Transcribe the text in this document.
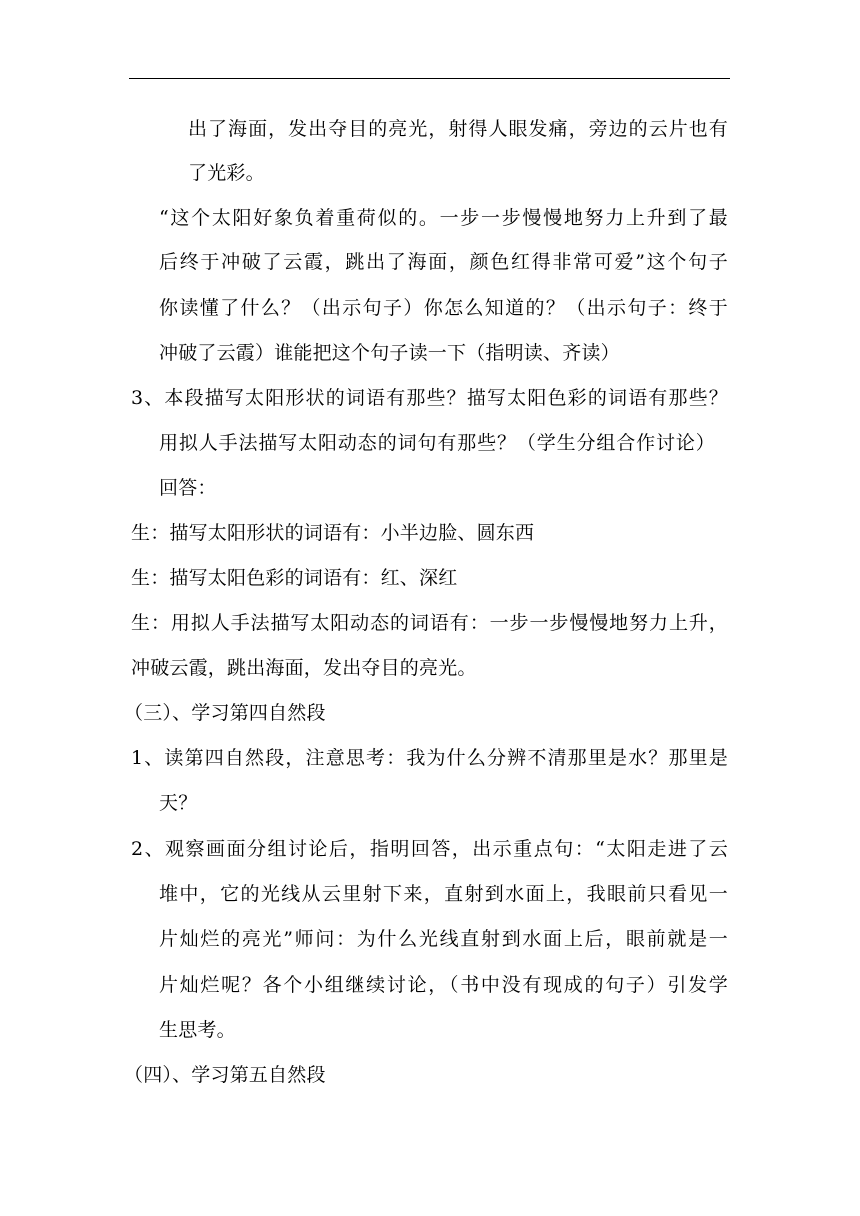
出了海面，发出夺目的亮光，射得人眼发痛，旁边的云片也有
了光彩。
“这个太阳好象负着重荷似的。一步一步慢慢地努力上升到了最
后终于冲破了云霞，跳出了海面，颜色红得非常可爱”这个句子
你读懂了什么？（出示句子）你怎么知道的？（出示句子：终于
冲破了云霞）谁能把这个句子读一下（指明读、齐读）
3、本段描写太阳形状的词语有那些？描写太阳色彩的词语有那些？
用拟人手法描写太阳动态的词句有那些？（学生分组合作讨论）
回答：
生：描写太阳形状的词语有：小半边脸、圆东西
生：描写太阳色彩的词语有：红、深红
生：用拟人手法描写太阳动态的词语有：一步一步慢慢地努力上升，
冲破云霞，跳出海面，发出夺目的亮光。
（三）、学习第四自然段
1、读第四自然段，注意思考：我为什么分辨不清那里是水？那里是
天？
2、观察画面分组讨论后，指明回答，出示重点句：“太阳走进了云
堆中，它的光线从云里射下来，直射到水面上，我眼前只看见一
片灿烂的亮光”师问：为什么光线直射到水面上后，眼前就是一
片灿烂呢？各个小组继续讨论，（书中没有现成的句子）引发学
生思考。
（四）、学习第五自然段
